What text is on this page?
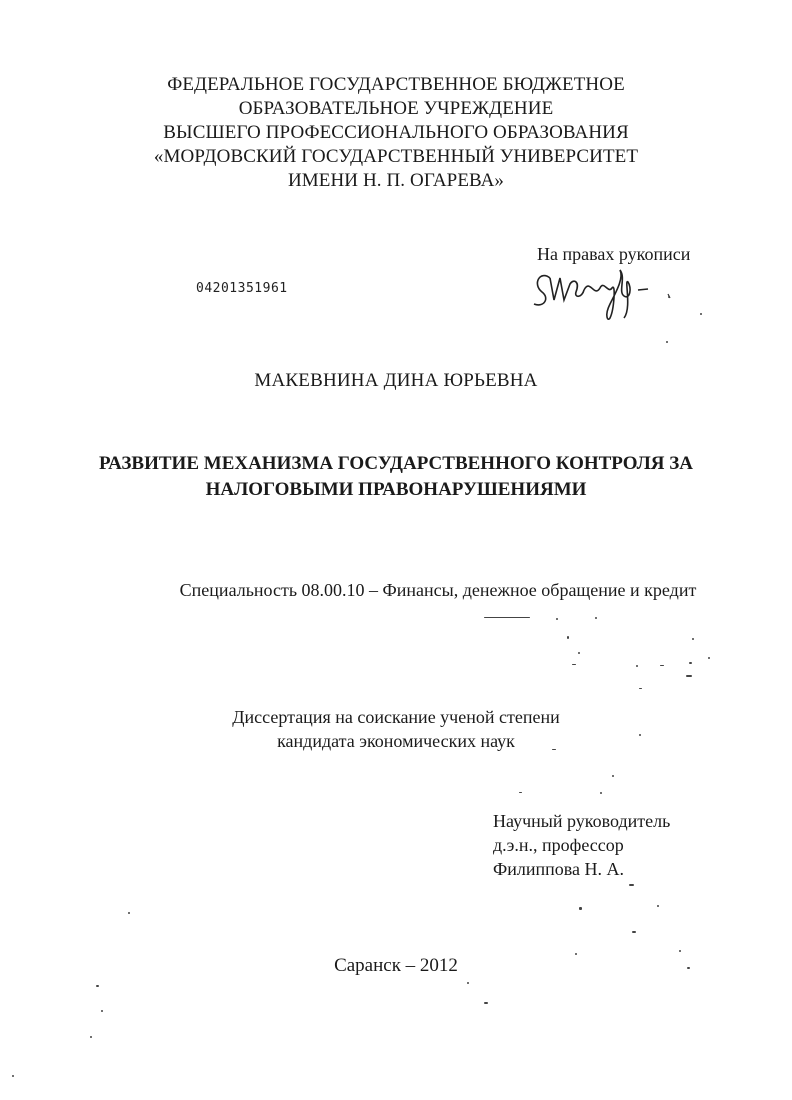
ФЕДЕРАЛЬНОЕ ГОСУДАРСТВЕННОЕ БЮДЖЕТНОЕ
ОБРАЗОВАТЕЛЬНОЕ УЧРЕЖДЕНИЕ
ВЫСШЕГО ПРОФЕССИОНАЛЬНОГО ОБРАЗОВАНИЯ
«МОРДОВСКИЙ ГОСУДАРСТВЕННЫЙ УНИВЕРСИТЕТ
ИМЕНИ Н. П. ОГАРЕВА»
На правах рукописи
04201351961
МАКЕВНИНА ДИНА ЮРЬЕВНА
РАЗВИТИЕ МЕХАНИЗМА ГОСУДАРСТВЕННОГО КОНТРОЛЯ ЗА
НАЛОГОВЫМИ ПРАВОНАРУШЕНИЯМИ
Специальность 08.00.10 – Финансы, денежное обращение и кредит
Диссертация на соискание ученой степени
кандидата экономических наук
Научный руководитель
д.э.н., профессор
Филиппова Н. А.
Саранск – 2012
